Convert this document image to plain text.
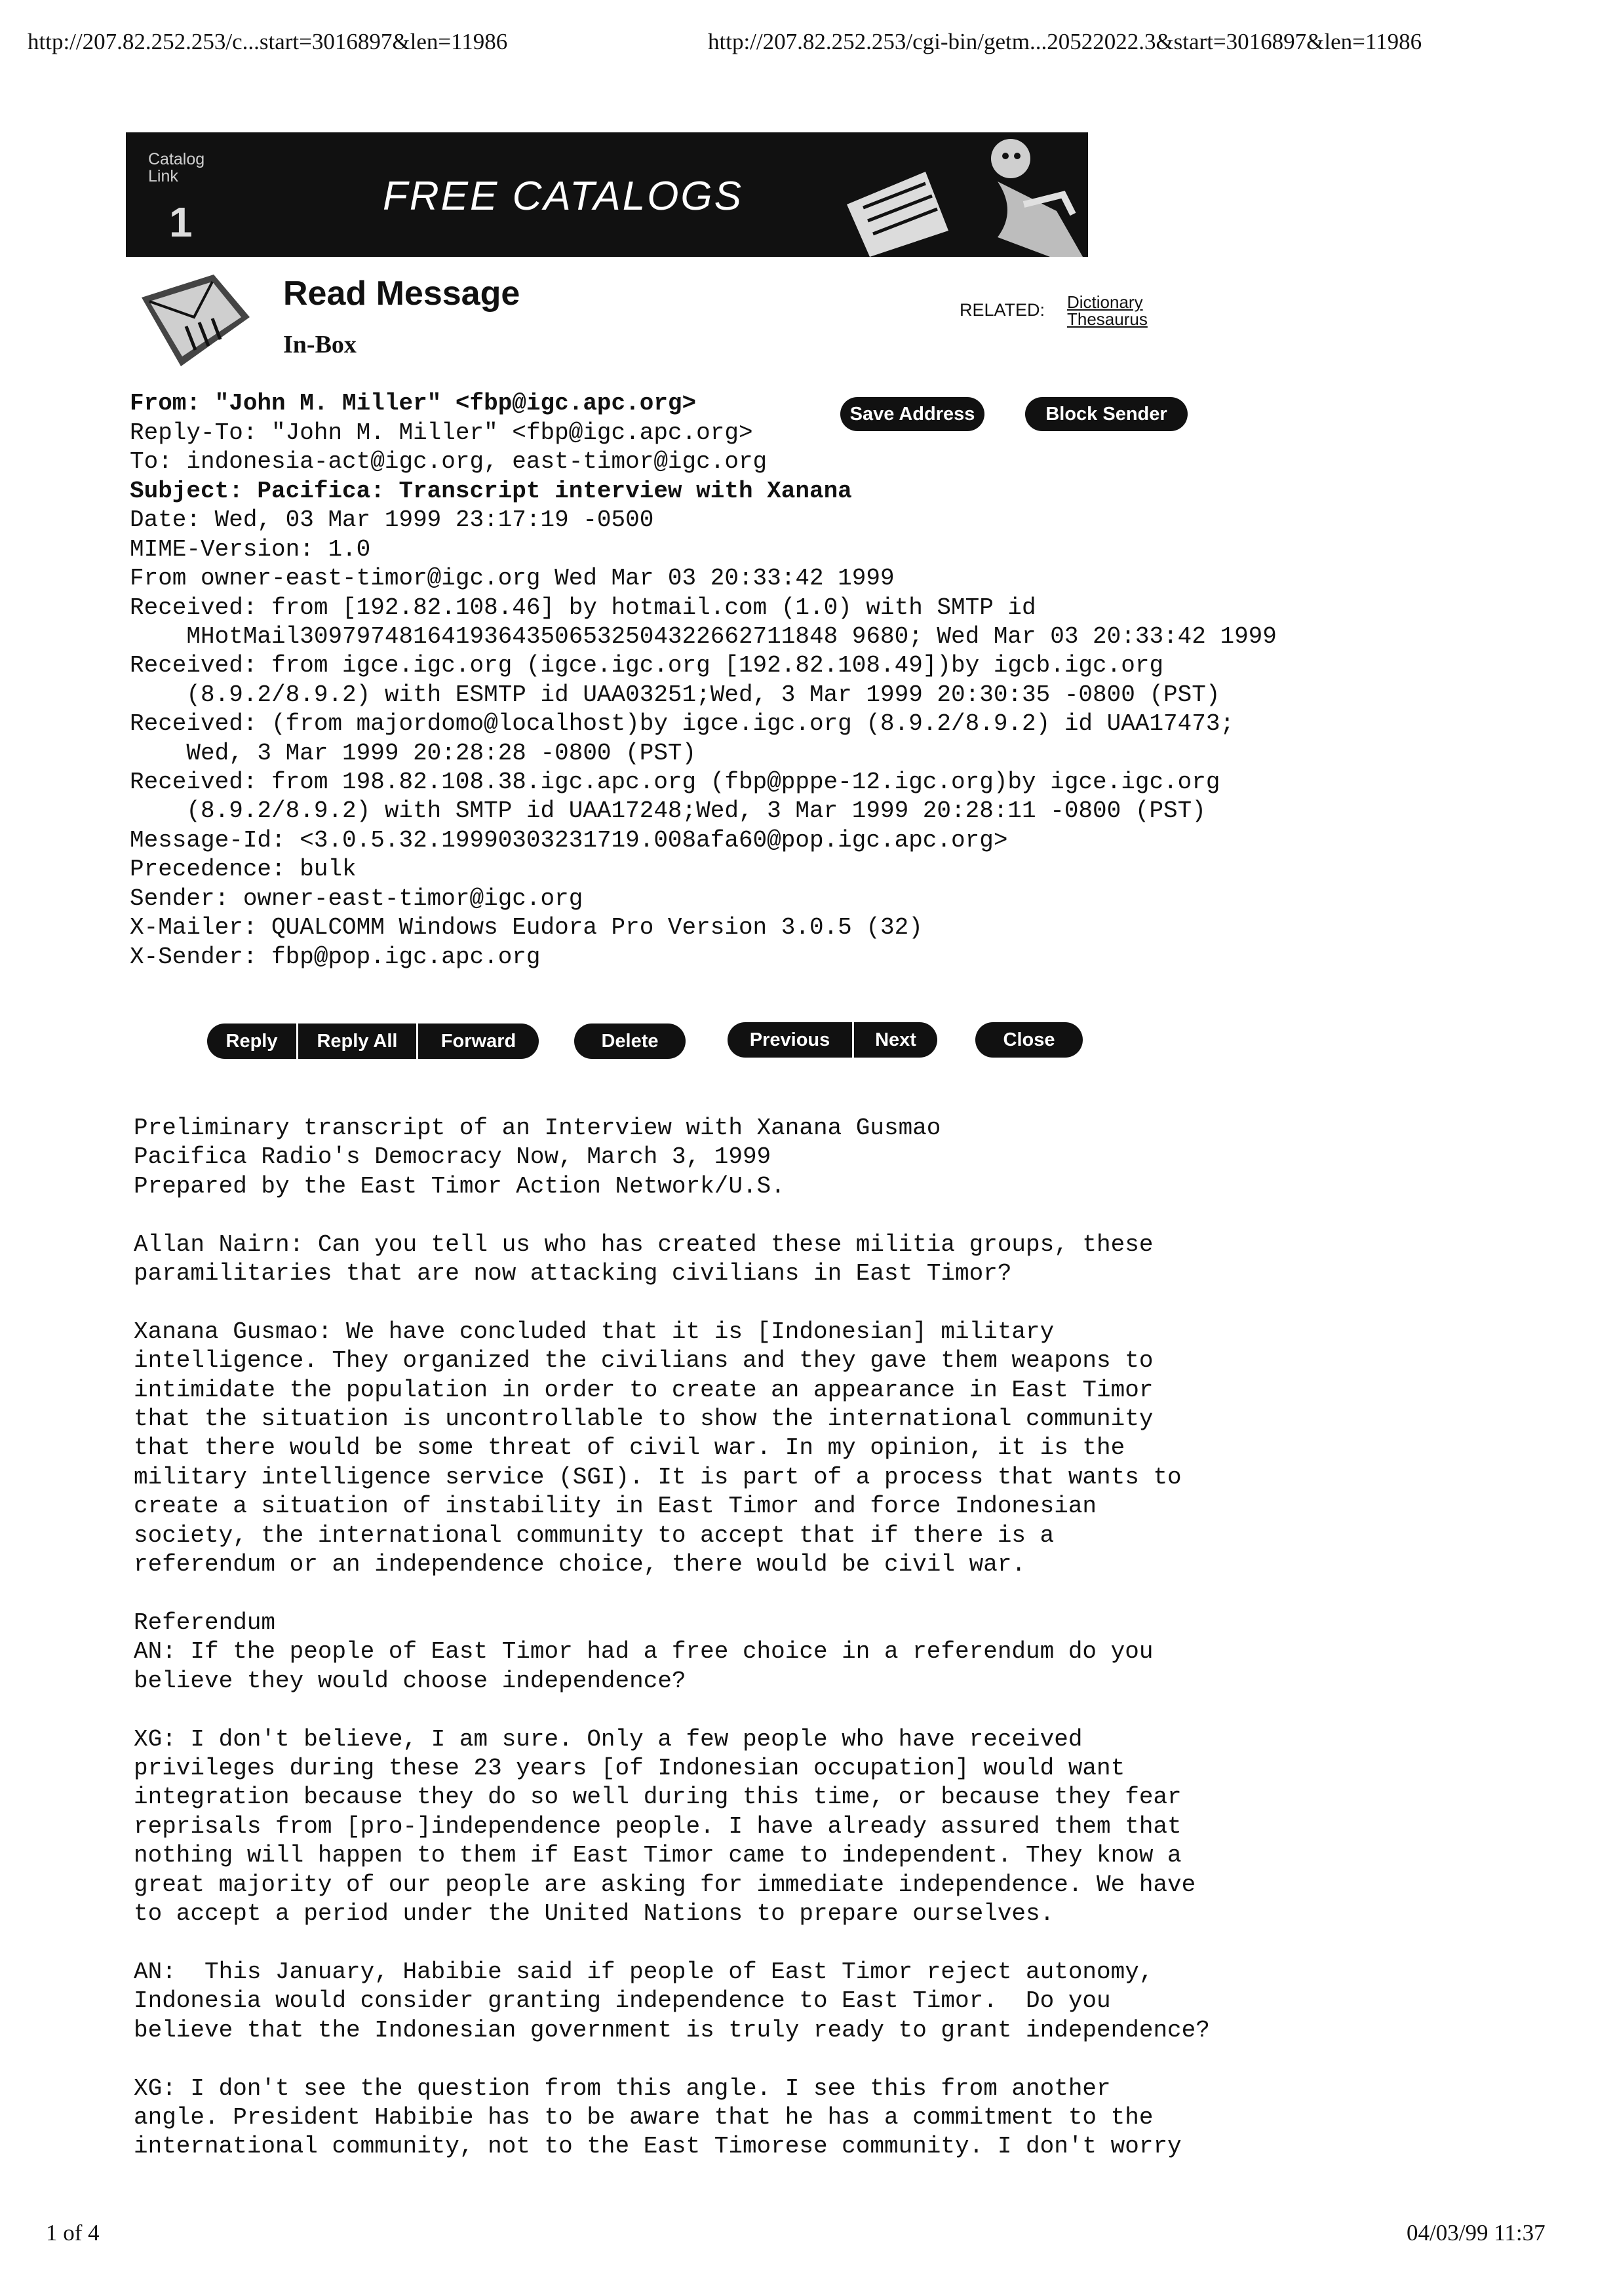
http://207.82.252.253/c...start=3016897&len=11986	http://207.82.252.253/cgi-bin/getm...20522022.3&start=3016897&len=11986
Catalog
Link
1
FREE CATALOGS
Read Message
In-Box
RELATED: Dictionary
Thesaurus
From: "John M. Miller" <fbp@igc.apc.org>	Save Address	Block Sender
Reply-To: "John M. Miller" <fbp@igc.apc.org>
To: indonesia-act@igc.org, east-timor@igc.org
Subject: Pacifica: Transcript interview with Xanana
Date: Wed, 03 Mar 1999 23:17:19 -0500
MIME-Version: 1.0
From owner-east-timor@igc.org Wed Mar 03 20:33:42 1999
Received: from [192.82.108.46] by hotmail.com (1.0) with SMTP id
MHotMail30979748164193643506532504322662711848 9680; Wed Mar 03 20:33:42 1999
Received: from igce.igc.org (igce.igc.org [192.82.108.49])by igcb.igc.org
(8.9.2/8.9.2) with ESMTP id UAA03251;Wed, 3 Mar 1999 20:30:35 -0800 (PST)
Received: (from majordomo@localhost)by igce.igc.org (8.9.2/8.9.2) id UAA17473;
Wed, 3 Mar 1999 20:28:28 -0800 (PST)
Received: from 198.82.108.38.igc.apc.org (fbp@pppe-12.igc.org)by igce.igc.org
(8.9.2/8.9.2) with SMTP id UAA17248;Wed, 3 Mar 1999 20:28:11 -0800 (PST)
Message-Id: <3.0.5.32.19990303231719.008afa60@pop.igc.apc.org>
Precedence: bulk
Sender: owner-east-timor@igc.org
X-Mailer: QUALCOMM Windows Eudora Pro Version 3.0.5 (32)
X-Sender: fbp@pop.igc.apc.org
Reply	Reply All	Forward	Delete	Previous	Next	Close
Preliminary transcript of an Interview with Xanana Gusmao
Pacifica Radio's Democracy Now, March 3, 1999
Prepared by the East Timor Action Network/U.S.
Allan Nairn: Can you tell us who has created these militia groups, these
paramilitaries that are now attacking civilians in East Timor?
Xanana Gusmao: We have concluded that it is [Indonesian] military
intelligence. They organized the civilians and they gave them weapons to
intimidate the population in order to create an appearance in East Timor
that the situation is uncontrollable to show the international community
that there would be some threat of civil war. In my opinion, it is the
military intelligence service (SGI). It is part of a process that wants to
create a situation of instability in East Timor and force Indonesian
society, the international community to accept that if there is a
referendum or an independence choice, there would be civil war.
Referendum
AN: If the people of East Timor had a free choice in a referendum do you
believe they would choose independence?
XG: I don't believe, I am sure. Only a few people who have received
privileges during these 23 years [of Indonesian occupation] would want
integration because they do so well during this time, or because they fear
reprisals from [pro-]independence people. I have already assured them that
nothing will happen to them if East Timor came to independent. They know a
great majority of our people are asking for immediate independence. We have
to accept a period under the United Nations to prepare ourselves.
AN:  This January, Habibie said if people of East Timor reject autonomy,
Indonesia would consider granting independence to East Timor.  Do you
believe that the Indonesian government is truly ready to grant independence?
XG: I don't see the question from this angle. I see this from another
angle. President Habibie has to be aware that he has a commitment to the
international community, not to the East Timorese community. I don't worry
1 of 4	04/03/99 11:37
